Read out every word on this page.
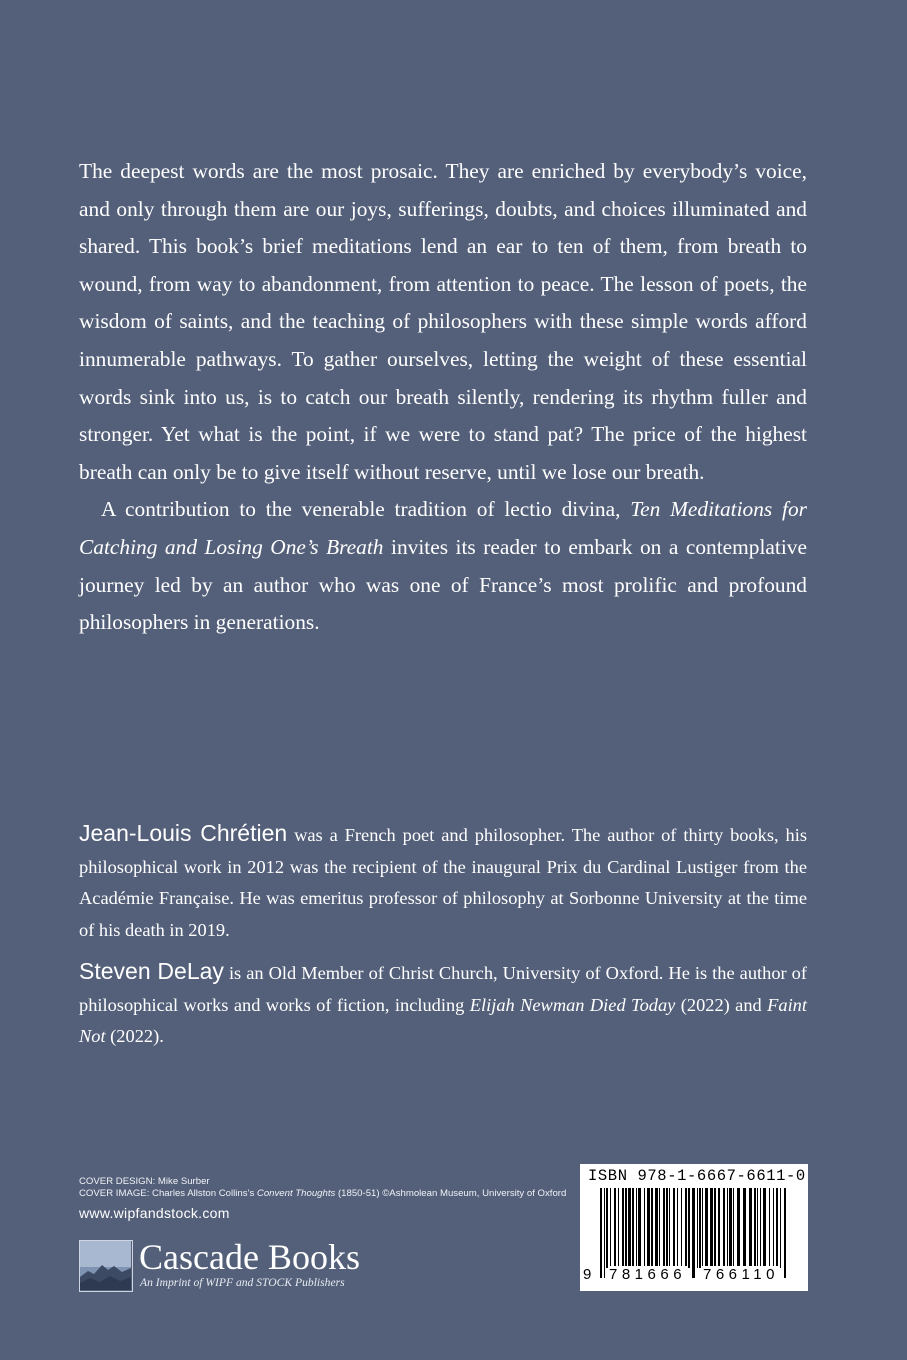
The deepest words are the most prosaic. They are enriched by everybody’s voice, and only through them are our joys, sufferings, doubts, and choices illuminated and shared. This book’s brief meditations lend an ear to ten of them, from breath to wound, from way to abandonment, from attention to peace. The lesson of poets, the wisdom of saints, and the teaching of philosophers with these simple words afford innumerable pathways. To gather ourselves, letting the weight of these essential words sink into us, is to catch our breath silently, rendering its rhythm fuller and stronger. Yet what is the point, if we were to stand pat? The price of the highest breath can only be to give itself without reserve, until we lose our breath.

A contribution to the venerable tradition of lectio divina, Ten Meditations for Catching and Losing One’s Breath invites its reader to embark on a contemplative journey led by an author who was one of France’s most prolific and profound philosophers in generations.

Jean-Louis Chrétien was a French poet and philosopher. The author of thirty books, his philosophical work in 2012 was the recipient of the inaugural Prix du Cardinal Lustiger from the Académie Française. He was emeritus professor of philosophy at Sorbonne University at the time of his death in 2019.

Steven DeLay is an Old Member of Christ Church, University of Oxford. He is the author of philosophical works and works of fiction, including Elijah Newman Died Today (2022) and Faint Not (2022).

COVER DESIGN: Mike Surber
COVER IMAGE: Charles Allston Collins’s Convent Thoughts (1850-51) ©Ashmolean Museum, University of Oxford
www.wipfandstock.com
Cascade Books
An Imprint of WIPF and STOCK Publishers
ISBN 978-1-6667-6611-0
9 781666 766110
